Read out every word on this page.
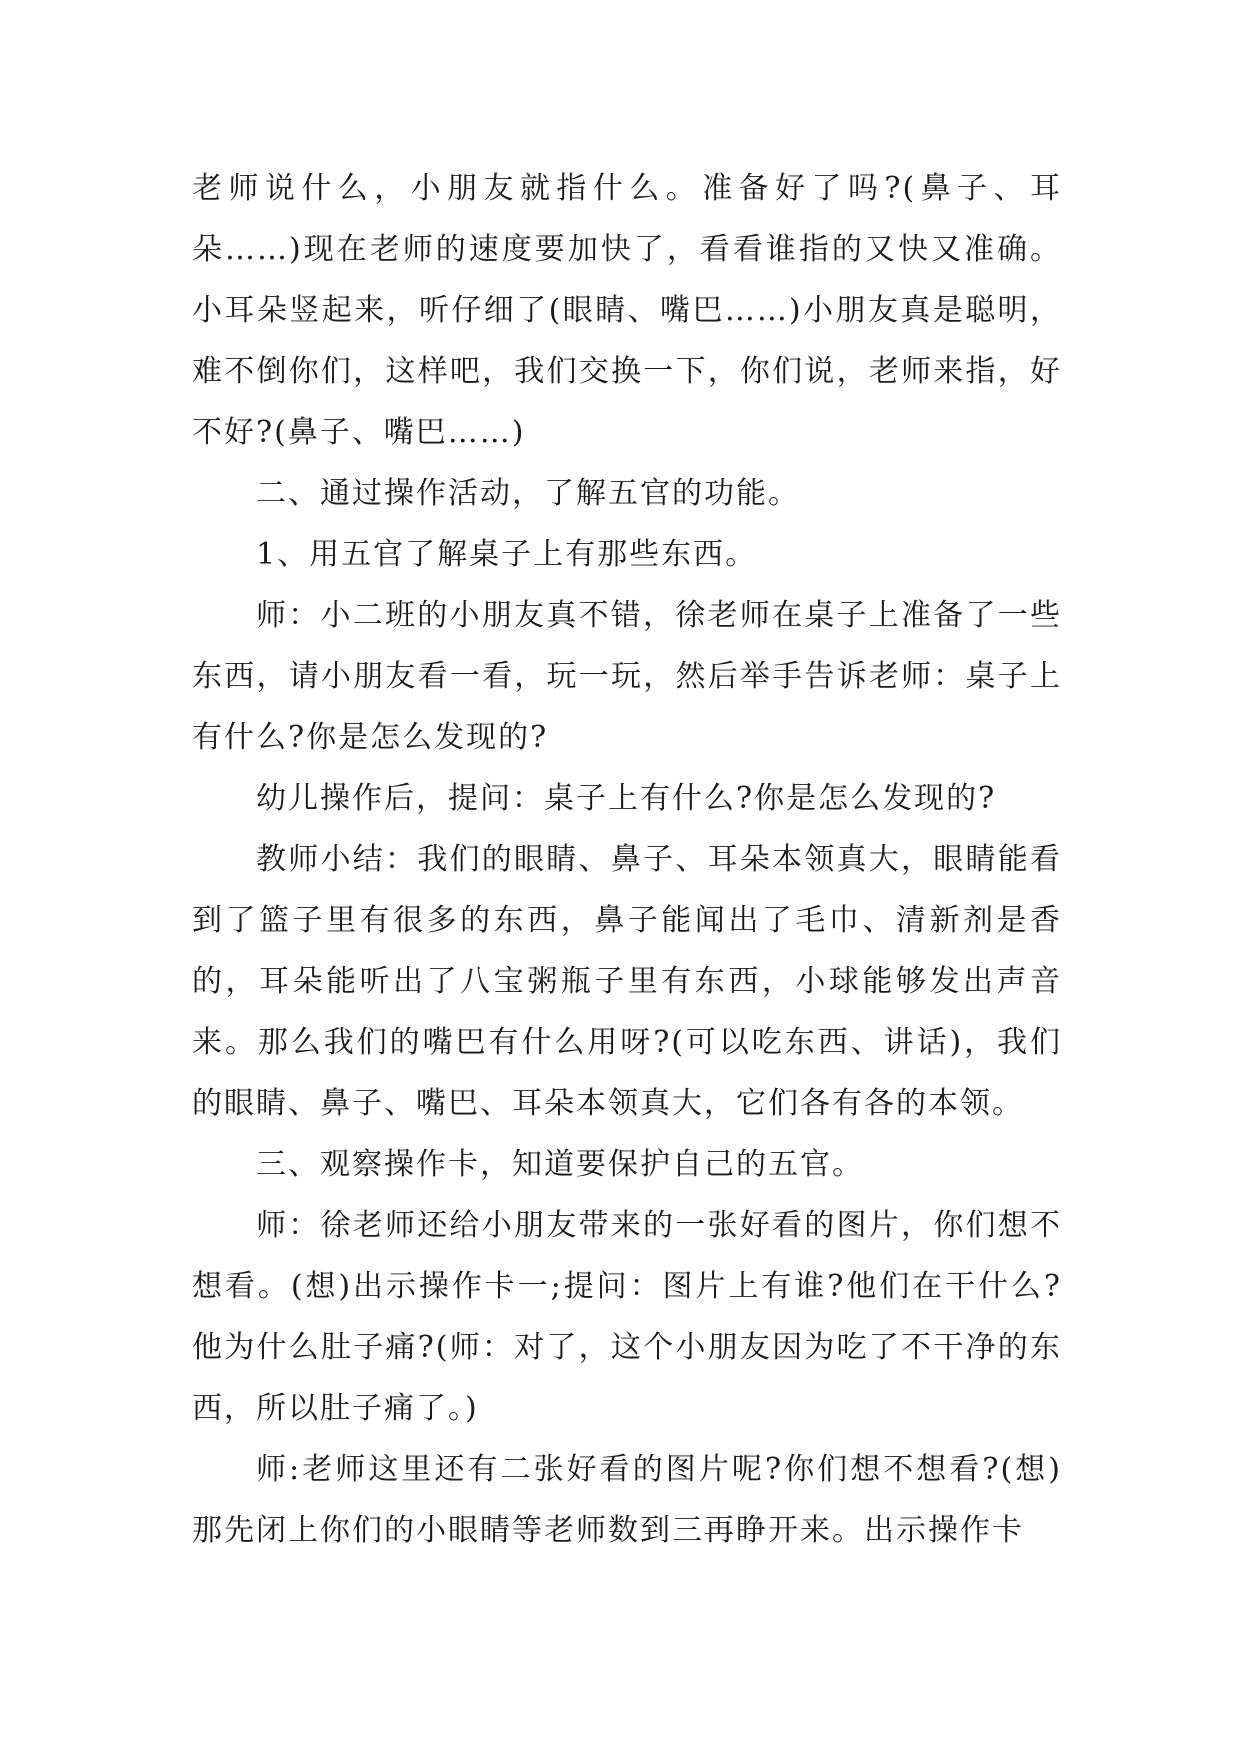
老师说什么，小朋友就指什么。准备好了吗?(鼻子、耳朵……)现在老师的速度要加快了，看看谁指的又快又准确。小耳朵竖起来，听仔细了(眼睛、嘴巴……)小朋友真是聪明，难不倒你们，这样吧，我们交换一下，你们说，老师来指，好不好?(鼻子、嘴巴……)

二、通过操作活动，了解五官的功能。

1、用五官了解桌子上有那些东西。

师：小二班的小朋友真不错，徐老师在桌子上准备了一些东西，请小朋友看一看，玩一玩，然后举手告诉老师：桌子上有什么?你是怎么发现的?

幼儿操作后，提问：桌子上有什么?你是怎么发现的?

教师小结：我们的眼睛、鼻子、耳朵本领真大，眼睛能看到了篮子里有很多的东西，鼻子能闻出了毛巾、清新剂是香的，耳朵能听出了八宝粥瓶子里有东西，小球能够发出声音来。那么我们的嘴巴有什么用呀?(可以吃东西、讲话)，我们的眼睛、鼻子、嘴巴、耳朵本领真大，它们各有各的本领。

三、观察操作卡，知道要保护自己的五官。

师：徐老师还给小朋友带来的一张好看的图片，你们想不想看。(想)出示操作卡一;提问：图片上有谁?他们在干什么?他为什么肚子痛?(师：对了，这个小朋友因为吃了不干净的东西，所以肚子痛了。)

师:老师这里还有二张好看的图片呢?你们想不想看?(想)那先闭上你们的小眼睛等老师数到三再睁开来。出示操作卡
